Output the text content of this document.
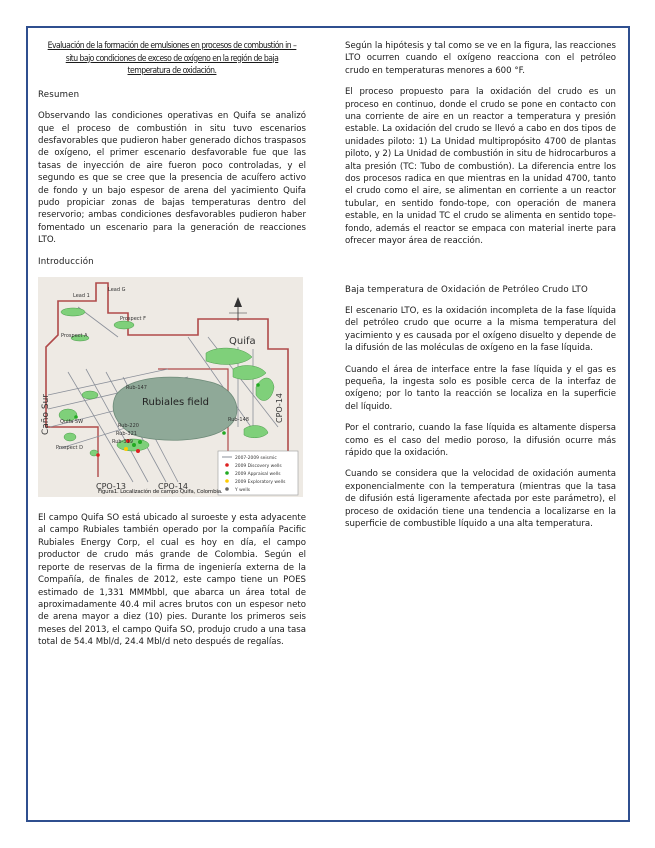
Evaluación de la formación de emulsiones en procesos de combustión in – situ bajo condiciones de exceso de oxígeno en la región de baja temperatura de oxidación.
Resumen
Observando las condiciones operativas en Quifa se analizó que el proceso de combustión in situ tuvo escenarios desfavorables que pudieron haber generado dichos traspasos de oxígeno, el primer escenario desfavorable fue que las tasas de inyección de aire fueron poco controladas, y el segundo es que se cree que la presencia de acuífero activo de fondo y un bajo espesor de arena del yacimiento Quifa pudo propiciar zonas de bajas temperaturas dentro del reservorio; ambas condiciones desfavorables pudieron haber fomentado un escenario para la generación de reacciones LTO.
Introducción
Lead 1
Lead G
Prospect A
Prospect F
Quifa
Rubiales field
Caño Sur	CPO-14
CPO-13	CPO-14
Rub-147
Rub-148
Rub-220
Rub-321
Rub-319
Quifa SW
Prospect D
2007-2009 seismic
2009 Discovery wells
2009 Appraisal wells
2009 Exploratory wells
Y wells
Figura1. Localización de campo Quifa, Colombia.
El campo Quifa SO está ubicado al suroeste y esta adyacente al campo Rubiales también operado por la compañía Pacific Rubiales Energy Corp, el cual es hoy en día, el campo productor de crudo más grande de Colombia. Según el reporte de reservas de la firma de ingeniería externa de la Compañía, de finales de 2012, este campo tiene un POES estimado de 1,331 MMMbbl, que abarca un área total de aproximadamente 40.4 mil acres brutos con un espesor neto de arena mayor a diez (10) pies. Durante los primeros seis meses del 2013, el campo Quifa SO, produjo crudo a una tasa total de 54.4 Mbl/d, 24.4 Mbl/d neto después de regalías.
Según la hipótesis y tal como se ve en la figura, las reacciones LTO ocurren cuando el oxígeno reacciona con el petróleo crudo en temperaturas menores a 600 °F.
El proceso propuesto para la oxidación del crudo es un proceso en continuo, donde el crudo se pone en contacto con una corriente de aire en un reactor a temperatura y presión estable. La oxidación del crudo se llevó a cabo en dos tipos de unidades piloto: 1) La Unidad multipropósito 4700 de plantas piloto, y 2) La Unidad de combustión in situ de hidrocarburos a alta presión (TC: Tubo de combustión). La diferencia entre los dos procesos radica en que mientras en la unidad 4700, tanto el crudo como el aire, se alimentan en corriente a un reactor tubular, en sentido fondo-tope, con operación de manera estable, en la unidad TC el crudo se alimenta en sentido tope-fondo, además el reactor se empaca con material inerte para ofrecer mayor área de reacción.
Baja temperatura de Oxidación de Petróleo Crudo LTO
El escenario LTO, es la oxidación incompleta de la fase líquida del petróleo crudo que ocurre a la misma temperatura del yacimiento y es causada por el oxígeno disuelto y depende de la difusión de las moléculas de oxígeno en la fase líquida.
Cuando el área de interface entre la fase líquida y el gas es pequeña, la ingesta solo es posible cerca de la interfaz de oxígeno; por lo tanto la reacción se localiza en la superficie del líquido.
Por el contrario, cuando la fase líquida es altamente dispersa como es el caso del medio poroso, la difusión ocurre más rápido que la oxidación.
Cuando se considera que la velocidad de oxidación aumenta exponencialmente con la temperatura (mientras que la tasa de difusión está ligeramente afectada por este parámetro), el proceso de oxidación tiene una tendencia a localizarse en la superficie de combustible líquido a una alta temperatura.
